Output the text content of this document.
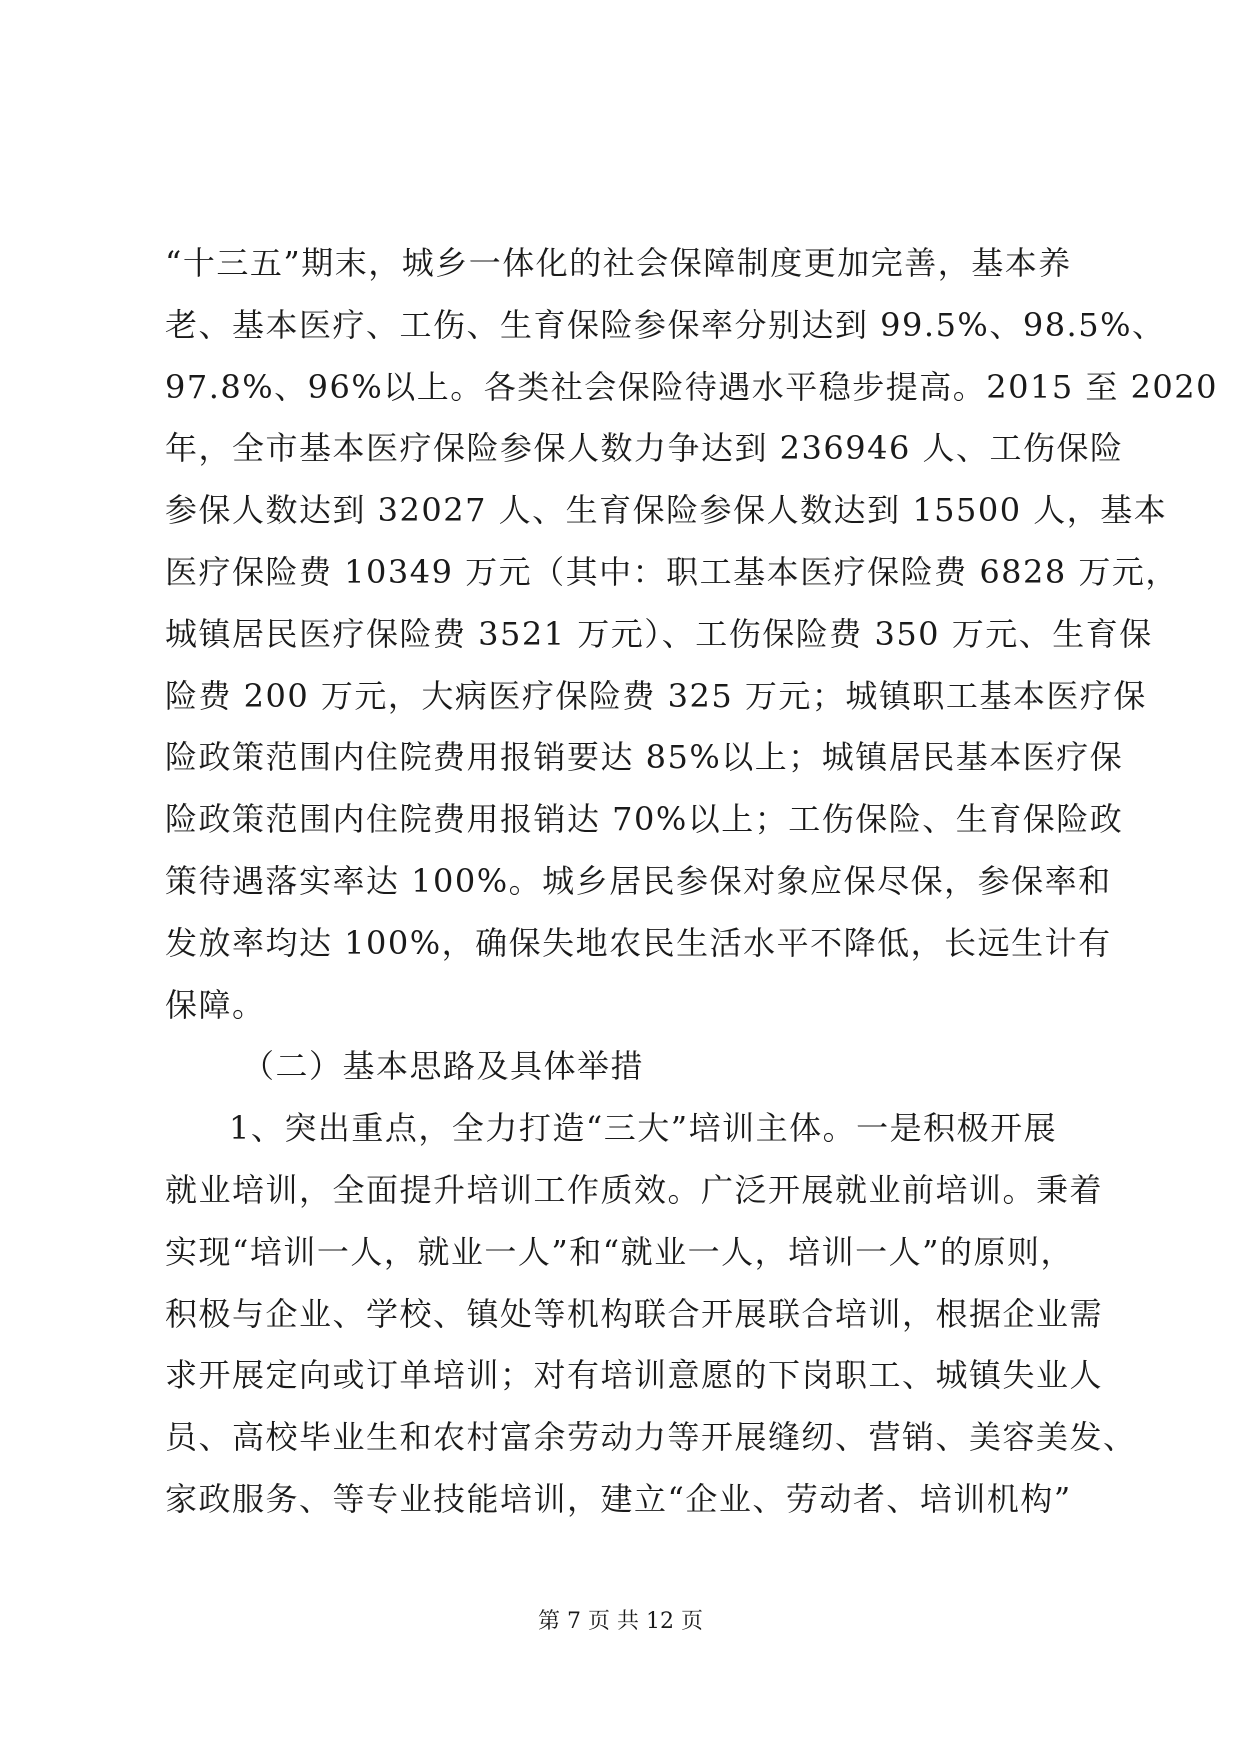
“十三五”期末，城乡一体化的社会保障制度更加完善，基本养
老、基本医疗、工伤、生育保险参保率分别达到 99.5%、98.5%、
97.8%、96%以上。各类社会保险待遇水平稳步提高。2015 至 2020
年，全市基本医疗保险参保人数力争达到 236946 人、工伤保险
参保人数达到 32027 人、生育保险参保人数达到 15500 人，基本
医疗保险费 10349 万元（其中：职工基本医疗保险费 6828 万元，
城镇居民医疗保险费 3521 万元）、工伤保险费 350 万元、生育保
险费 200 万元，大病医疗保险费 325 万元；城镇职工基本医疗保
险政策范围内住院费用报销要达 85%以上；城镇居民基本医疗保
险政策范围内住院费用报销达 70%以上；工伤保险、生育保险政
策待遇落实率达 100%。城乡居民参保对象应保尽保，参保率和
发放率均达 100%，确保失地农民生活水平不降低，长远生计有
保障。
（二）基本思路及具体举措
1、突出重点，全力打造“三大”培训主体。一是积极开展
就业培训，全面提升培训工作质效。广泛开展就业前培训。秉着
实现“培训一人，就业一人”和“就业一人，培训一人”的原则，
积极与企业、学校、镇处等机构联合开展联合培训，根据企业需
求开展定向或订单培训；对有培训意愿的下岗职工、城镇失业人
员、高校毕业生和农村富余劳动力等开展缝纫、营销、美容美发、
家政服务、等专业技能培训，建立“企业、劳动者、培训机构”
第 7 页 共 12 页
